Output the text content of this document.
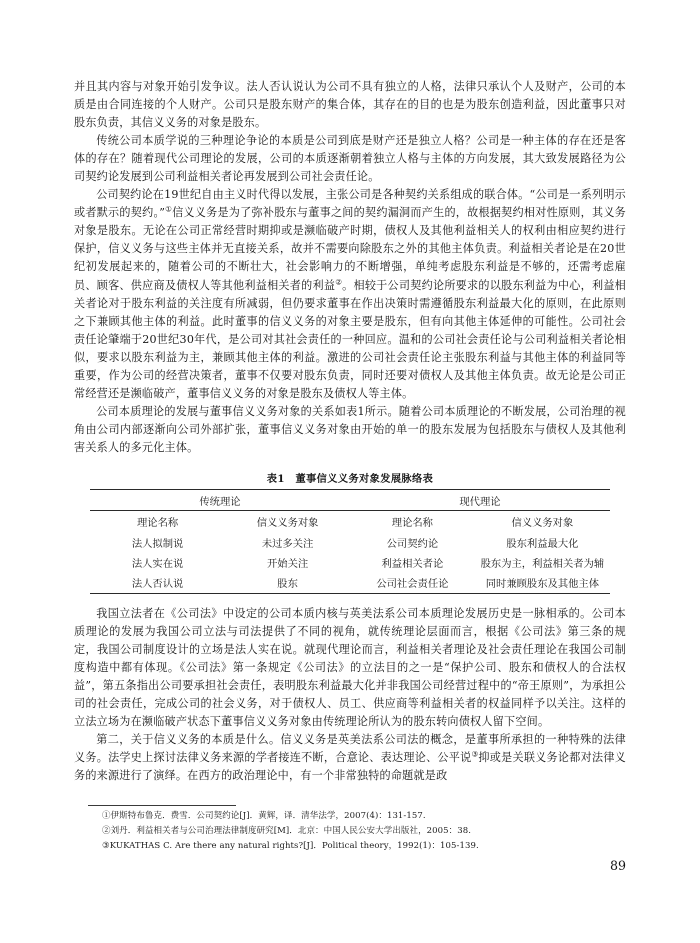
并且其内容与对象开始引发争议。法人否认说认为公司不具有独立的人格，法律只承认个人及财产，公司的本质是由合同连接的个人财产。公司只是股东财产的集合体，其存在的目的也是为股东创造利益，因此董事只对股东负责，其信义义务的对象是股东。

传统公司本质学说的三种理论争论的本质是公司到底是财产还是独立人格？公司是一种主体的存在还是客体的存在？随着现代公司理论的发展，公司的本质逐渐朝着独立人格与主体的方向发展，其大致发展路径为公司契约论发展到公司利益相关者论再发展到公司社会责任论。

公司契约论在19世纪自由主义时代得以发展，主张公司是各种契约关系组成的联合体。“公司是一系列明示或者默示的契约。”①信义义务是为了弥补股东与董事之间的契约漏洞而产生的，故根据契约相对性原则，其义务对象是股东。无论在公司正常经营时期抑或是濒临破产时期，债权人及其他利益相关人的权利由相应契约进行保护，信义义务与这些主体并无直接关系，故并不需要向除股东之外的其他主体负责。利益相关者论是在20世纪初发展起来的，随着公司的不断壮大，社会影响力的不断增强，单纯考虑股东利益是不够的，还需考虑雇员、顾客、供应商及债权人等其他利益相关者的利益②。相较于公司契约论所要求的以股东利益为中心，利益相关者论对于股东利益的关注度有所减弱，但仍要求董事在作出决策时需遵循股东利益最大化的原则，在此原则之下兼顾其他主体的利益。此时董事的信义义务的对象主要是股东，但有向其他主体延伸的可能性。公司社会责任论肇端于20世纪30年代，是公司对其社会责任的一种回应。温和的公司社会责任论与公司利益相关者论相似，要求以股东利益为主，兼顾其他主体的利益。激进的公司社会责任论主张股东利益与其他主体的利益同等重要，作为公司的经营决策者，董事不仅要对股东负责，同时还要对债权人及其他主体负责。故无论是公司正常经营还是濒临破产，董事信义义务的对象是股东及债权人等主体。

公司本质理论的发展与董事信义义务对象的关系如表1所示。随着公司本质理论的不断发展，公司治理的视角由公司内部逐渐向公司外部扩张，董事信义义务对象由开始的单一的股东发展为包括股东与债权人及其他利害关系人的多元化主体。

表1　董事信义义务对象发展脉络表
传统理论		现代理论	
理论名称	信义义务对象	理论名称	信义义务对象
法人拟制说	未过多关注	公司契约论	股东利益最大化
法人实在说	开始关注	利益相关者论	股东为主，利益相关者为辅
法人否认说	股东	公司社会责任论	同时兼顾股东及其他主体

我国立法者在《公司法》中设定的公司本质内核与英美法系公司本质理论发展历史是一脉相承的。公司本质理论的发展为我国公司立法与司法提供了不同的视角，就传统理论层面而言，根据《公司法》第三条的规定，我国公司制度设计的立场是法人实在说。就现代理论而言，利益相关者理论及社会责任理论在我国公司制度构造中都有体现。《公司法》第一条规定《公司法》的立法目的之一是“保护公司、股东和债权人的合法权益”，第五条指出公司要承担社会责任，表明股东利益最大化并非我国公司经营过程中的“帝王原则”，为承担公司的社会责任，完成公司的社会义务，对于债权人、员工、供应商等利益相关者的权益同样予以关注。这样的立法立场为在濒临破产状态下董事信义义务对象由传统理论所认为的股东转向债权人留下空间。

第二，关于信义义务的本质是什么。信义义务是英美法系公司法的概念，是董事所承担的一种特殊的法律义务。法学史上探讨法律义务来源的学者接连不断，合意论、表达理论、公平说③抑或是关联义务论都对法律义务的来源进行了演绎。在西方的政治理论中，有一个非常独特的命题就是政

①伊斯特布鲁克．费雪．公司契约论[J]．黄辉，译．清华法学，2007(4)：131-157.

②刘丹．利益相关者与公司治理法律制度研究[M]．北京：中国人民公安大学出版社，2005：38.

③KUKATHAS C. Are there any natural rights?[J]．Political theory，1992(1)：105-139.

89
